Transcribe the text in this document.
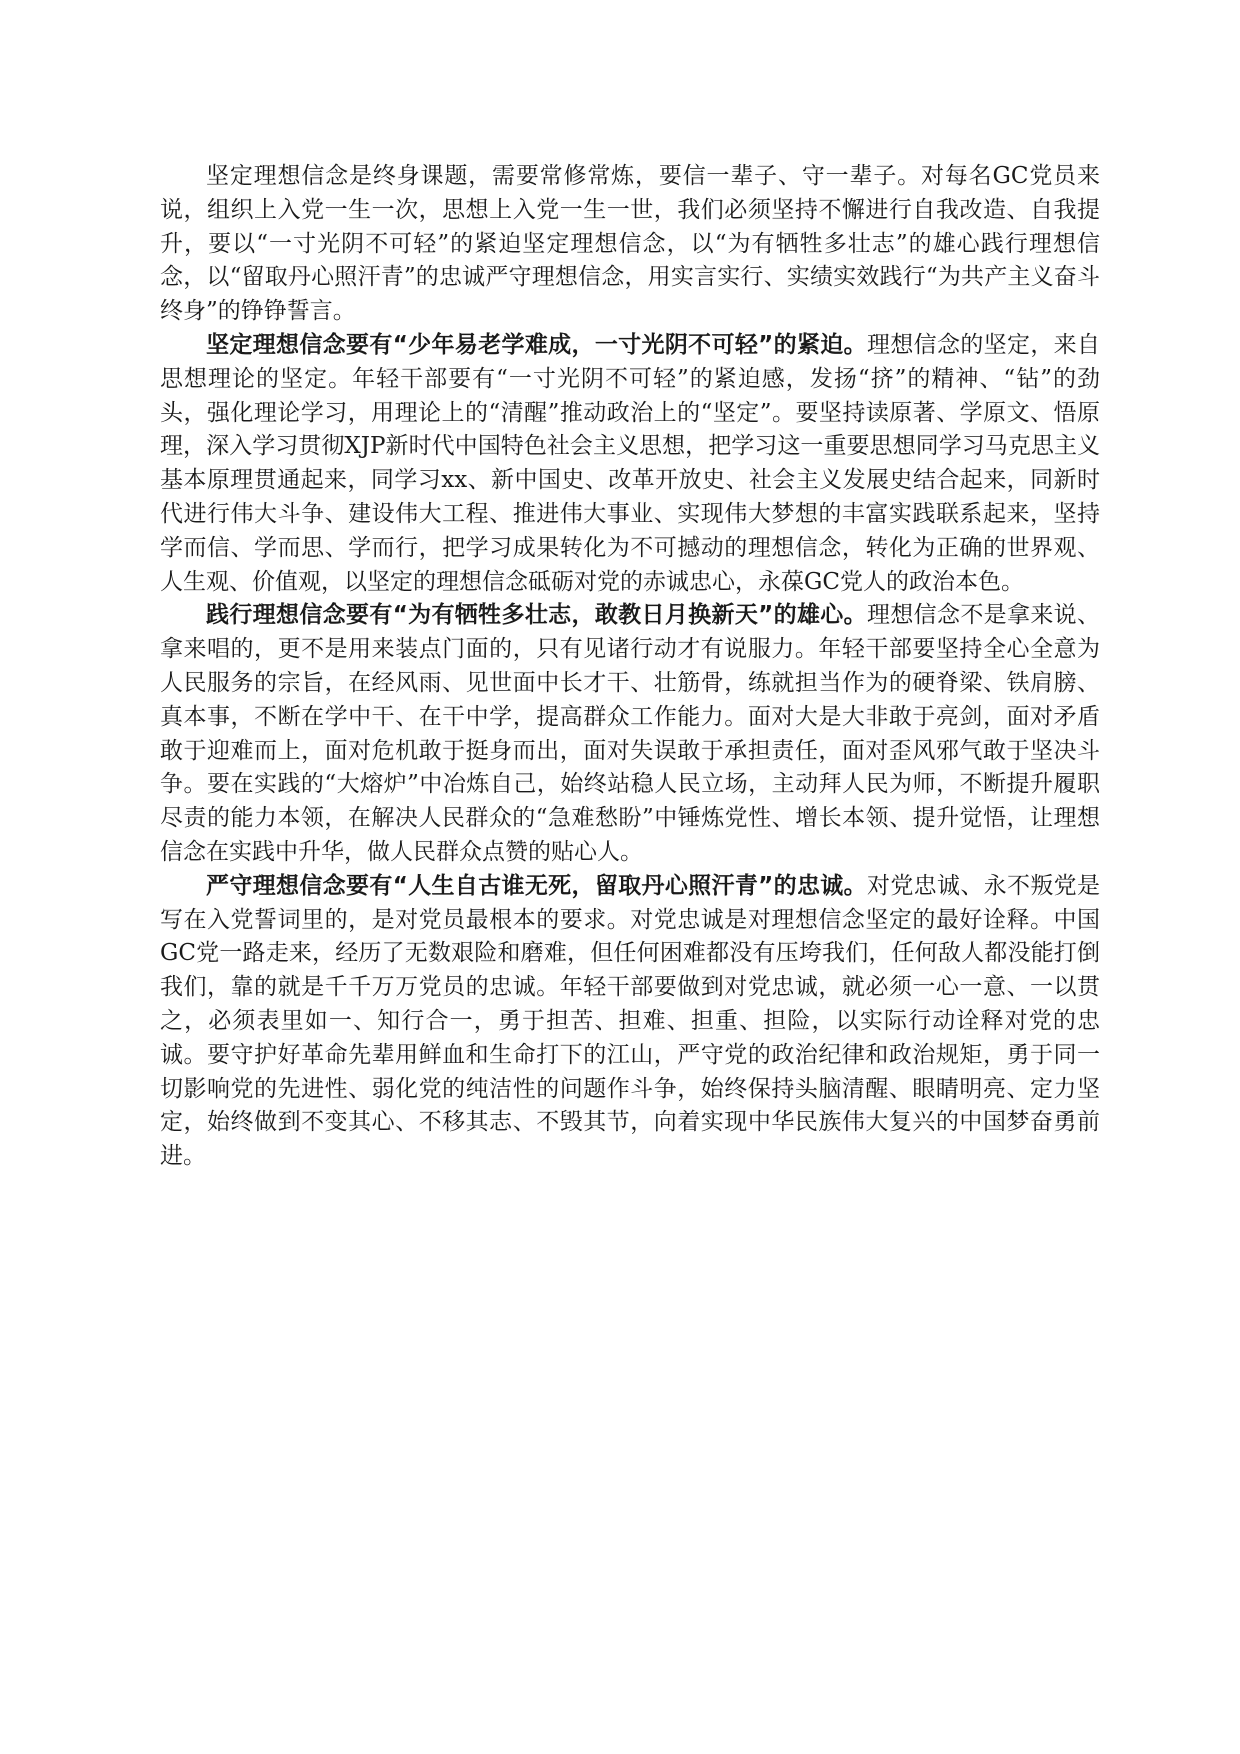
坚定理想信念是终身课题，需要常修常炼，要信一辈子、守一辈子。对每名GC党员来说，组织上入党一生一次，思想上入党一生一世，我们必须坚持不懈进行自我改造、自我提升，要以“一寸光阴不可轻”的紧迫坚定理想信念，以“为有牺牲多壮志”的雄心践行理想信念，以“留取丹心照汗青”的忠诚严守理想信念，用实言实行、实绩实效践行“为共产主义奋斗终身”的铮铮誓言。

坚定理想信念要有“少年易老学难成，一寸光阴不可轻”的紧迫。理想信念的坚定，来自思想理论的坚定。年轻干部要有“一寸光阴不可轻”的紧迫感，发扬“挤”的精神、“钻”的劲头，强化理论学习，用理论上的“清醒”推动政治上的“坚定”。要坚持读原著、学原文、悟原理，深入学习贯彻XJP新时代中国特色社会主义思想，把学习这一重要思想同学习马克思主义基本原理贯通起来，同学习xx、新中国史、改革开放史、社会主义发展史结合起来，同新时代进行伟大斗争、建设伟大工程、推进伟大事业、实现伟大梦想的丰富实践联系起来，坚持学而信、学而思、学而行，把学习成果转化为不可撼动的理想信念，转化为正确的世界观、人生观、价值观，以坚定的理想信念砥砺对党的赤诚忠心，永葆GC党人的政治本色。

践行理想信念要有“为有牺牲多壮志，敢教日月换新天”的雄心。理想信念不是拿来说、拿来唱的，更不是用来装点门面的，只有见诸行动才有说服力。年轻干部要坚持全心全意为人民服务的宗旨，在经风雨、见世面中长才干、壮筋骨，练就担当作为的硬脊梁、铁肩膀、真本事，不断在学中干、在干中学，提高群众工作能力。面对大是大非敢于亮剑，面对矛盾敢于迎难而上，面对危机敢于挺身而出，面对失误敢于承担责任，面对歪风邪气敢于坚决斗争。要在实践的“大熔炉”中冶炼自己，始终站稳人民立场，主动拜人民为师，不断提升履职尽责的能力本领，在解决人民群众的“急难愁盼”中锤炼党性、增长本领、提升觉悟，让理想信念在实践中升华，做人民群众点赞的贴心人。

严守理想信念要有“人生自古谁无死，留取丹心照汗青”的忠诚。对党忠诚、永不叛党是写在入党誓词里的，是对党员最根本的要求。对党忠诚是对理想信念坚定的最好诠释。中国GC党一路走来，经历了无数艰险和磨难，但任何困难都没有压垮我们，任何敌人都没能打倒我们，靠的就是千千万万党员的忠诚。年轻干部要做到对党忠诚，就必须一心一意、一以贯之，必须表里如一、知行合一，勇于担苦、担难、担重、担险，以实际行动诠释对党的忠诚。要守护好革命先辈用鲜血和生命打下的江山，严守党的政治纪律和政治规矩，勇于同一切影响党的先进性、弱化党的纯洁性的问题作斗争，始终保持头脑清醒、眼睛明亮、定力坚定，始终做到不变其心、不移其志、不毁其节，向着实现中华民族伟大复兴的中国梦奋勇前进。
